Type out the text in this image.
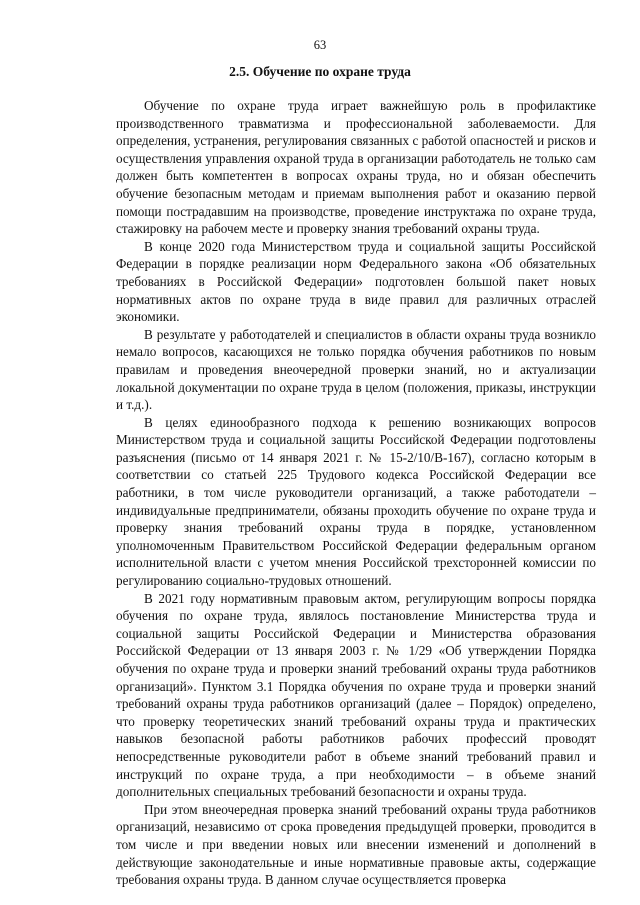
63
2.5. Обучение по охране труда

Обучение по охране труда играет важнейшую роль в профилактике производственного травматизма и профессиональной заболеваемости. Для определения, устранения, регулирования связанных с работой опасностей и рисков и осуществления управления охраной труда в организации работодатель не только сам должен быть компетентен в вопросах охраны труда, но и обязан обеспечить обучение безопасным методам и приемам выполнения работ и оказанию первой помощи пострадавшим на производстве, проведение инструктажа по охране труда, стажировку на рабочем месте и проверку знания требований охраны труда.

В конце 2020 года Министерством труда и социальной защиты Российской Федерации в порядке реализации норм Федерального закона «Об обязательных требованиях в Российской Федерации» подготовлен большой пакет новых нормативных актов по охране труда в виде правил для различных отраслей экономики.

В результате у работодателей и специалистов в области охраны труда возникло немало вопросов, касающихся не только порядка обучения работников по новым правилам и проведения внеочередной проверки знаний, но и актуализации локальной документации по охране труда в целом (положения, приказы, инструкции и т.д.).

В целях единообразного подхода к решению возникающих вопросов Министерством труда и социальной защиты Российской Федерации подготовлены разъяснения (письмо от 14 января 2021 г. № 15-2/10/В-167), согласно которым в соответствии со статьей 225 Трудового кодекса Российской Федерации все работники, в том числе руководители организаций, а также работодатели – индивидуальные предприниматели, обязаны проходить обучение по охране труда и проверку знания требований охраны труда в порядке, установленном уполномоченным Правительством Российской Федерации федеральным органом исполнительной власти с учетом мнения Российской трехсторонней комиссии по регулированию социально-трудовых отношений.

В 2021 году нормативным правовым актом, регулирующим вопросы порядка обучения по охране труда, являлось постановление Министерства труда и социальной защиты Российской Федерации и Министерства образования Российской Федерации от 13 января 2003 г. № 1/29 «Об утверждении Порядка обучения по охране труда и проверки знаний требований охраны труда работников организаций». Пунктом 3.1 Порядка обучения по охране труда и проверки знаний требований охраны труда работников организаций (далее – Порядок) определено, что проверку теоретических знаний требований охраны труда и практических навыков безопасной работы работников рабочих профессий проводят непосредственные руководители работ в объеме знаний требований правил и инструкций по охране труда, а при необходимости – в объеме знаний дополнительных специальных требований безопасности и охраны труда.

При этом внеочередная проверка знаний требований охраны труда работников организаций, независимо от срока проведения предыдущей проверки, проводится в том числе и при введении новых или внесении изменений и дополнений в действующие законодательные и иные нормативные правовые акты, содержащие требования охраны труда. В данном случае осуществляется проверка
